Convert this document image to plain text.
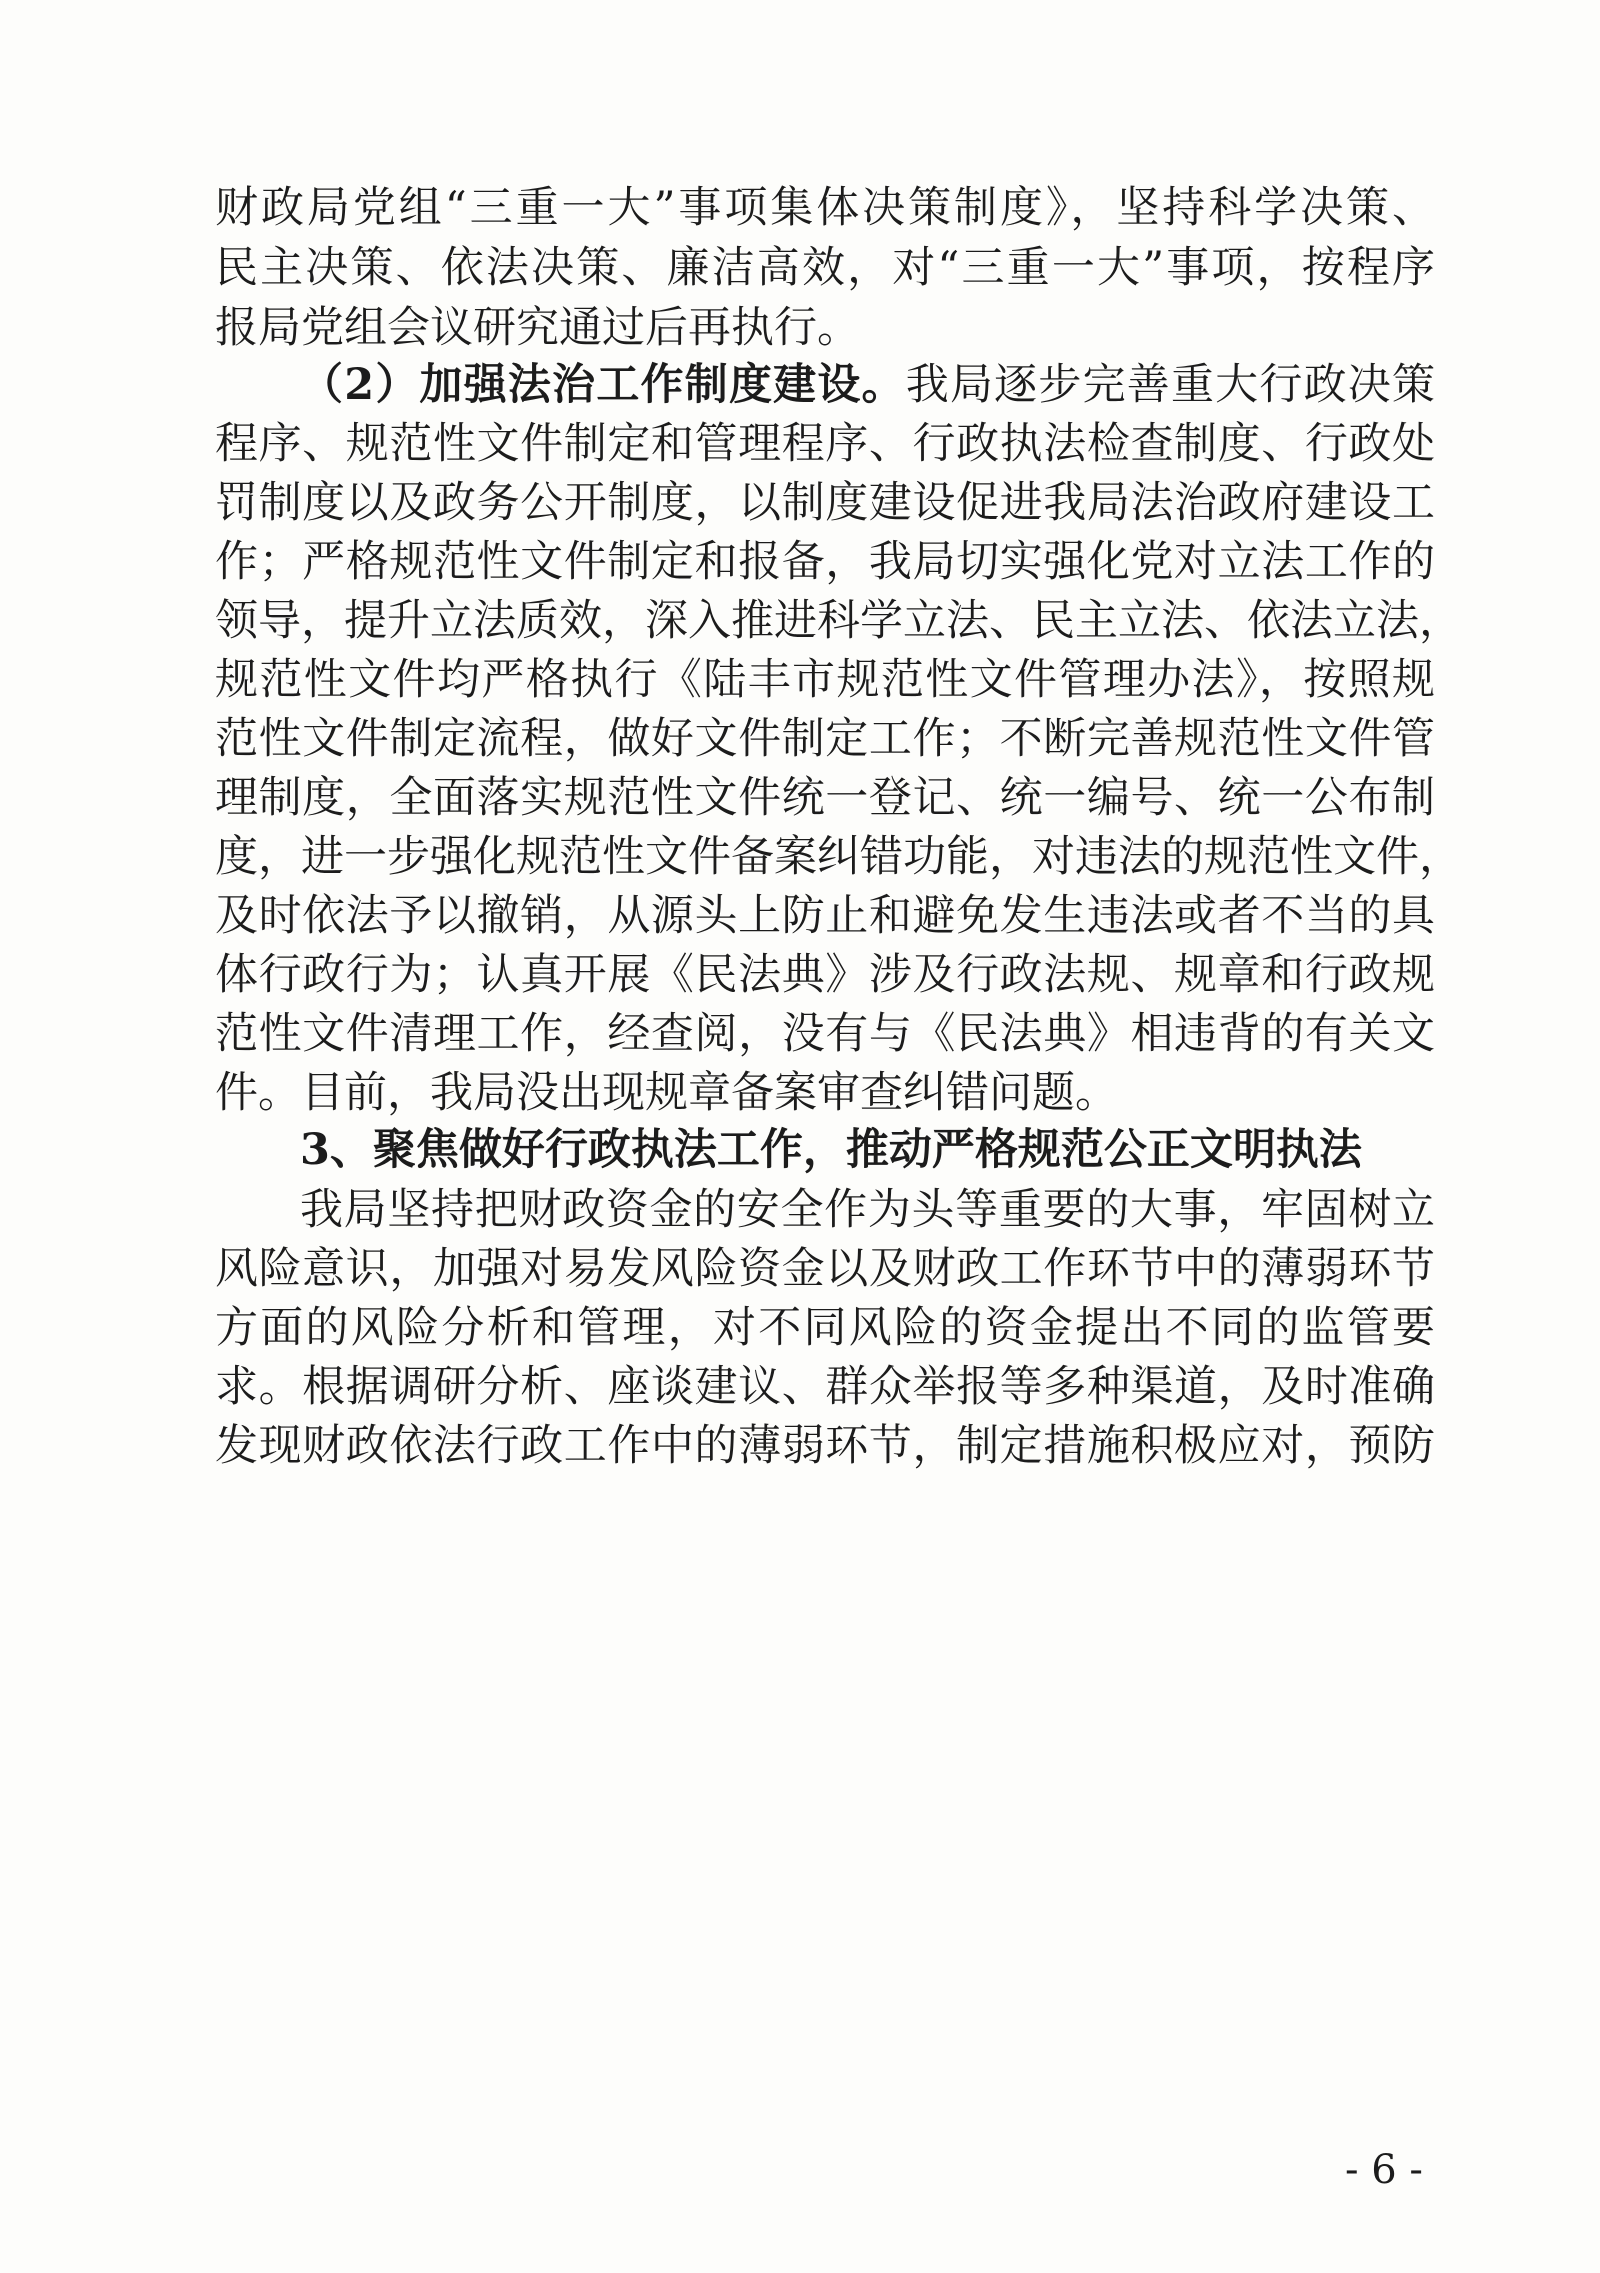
财政局党组“三重一大”事项集体决策制度》，坚持科学决策、
民主决策、依法决策、廉洁高效，对“三重一大”事项，按程序
报局党组会议研究通过后再执行。
（2）加强法治工作制度建设。我局逐步完善重大行政决策
程序、规范性文件制定和管理程序、行政执法检查制度、行政处
罚制度以及政务公开制度，以制度建设促进我局法治政府建设工
作；严格规范性文件制定和报备，我局切实强化党对立法工作的
领导，提升立法质效，深入推进科学立法、民主立法、依法立法，
规范性文件均严格执行《陆丰市规范性文件管理办法》，按照规
范性文件制定流程，做好文件制定工作；不断完善规范性文件管
理制度，全面落实规范性文件统一登记、统一编号、统一公布制
度，进一步强化规范性文件备案纠错功能，对违法的规范性文件，
及时依法予以撤销，从源头上防止和避免发生违法或者不当的具
体行政行为；认真开展《民法典》涉及行政法规、规章和行政规
范性文件清理工作，经查阅，没有与《民法典》相违背的有关文
件。目前，我局没出现规章备案审查纠错问题。
3、聚焦做好行政执法工作，推动严格规范公正文明执法
我局坚持把财政资金的安全作为头等重要的大事，牢固树立
风险意识，加强对易发风险资金以及财政工作环节中的薄弱环节
方面的风险分析和管理，对不同风险的资金提出不同的监管要
求。根据调研分析、座谈建议、群众举报等多种渠道，及时准确
发现财政依法行政工作中的薄弱环节，制定措施积极应对，预防
- 6 -
